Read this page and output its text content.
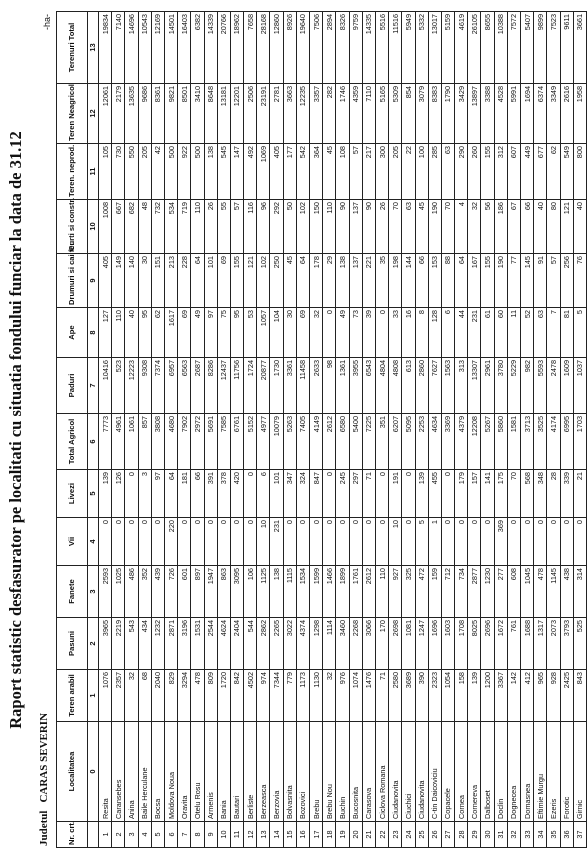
Raport statistic desfasurator pe localitati cu situatia fondului funciar la data de 31.12
JudetulCARAS SEVERIN
-ha-
Nr. crt.	Localitatea	Teren arabil	Pasuni	Fanete	Vii	Livezi	Total Agricol	Paduri	Ape	Drumuri si cai fer.	Curti si constr.	Teren. neprod.	Teren Neagricol	Terenuri Total
	0	1	2	3	4	5	6	7	8	9	10	11	12	13
1	Resita	1076	3965	2593	0	139	7773	10416	127	405	1008	105	12061	19834
2	Caransebes	2357	2219	1025	0	126	4961	523	110	149	667	730	2179	7140
3	Anina	32	543	486	0	0	1061	12223	40	140	682	550	13635	14696
4	Baile Herculane	68	434	352	0	3	857	9308	95	30	48	205	9686	10543
5	Bocsa	2040	1232	439	0	97	3808	7374	62	151	732	42	8361	12169
6	Moldova Noua	829	2871	726	220	64	4680	6957	1617	213	534	500	9821	14501
7	Oravita	3294	3196	601	0	181	7902	6563	69	228	719	922	8501	16403
8	Otelu Rosu	478	1531	897	0	66	2972	2687	49	64	110	500	3410	6382
9	Armenis	809	2544	1947	0	391	5691	8286	97	101	26	138	8648	14339
10	Bania	1720	4624	863	0	378	7585	12437	75	69	55	545	13181	20766
11	Bautari	842	2404	3095	0	420	6761	11756	95	155	57	147	12201	18962
12	Berliste	4502	544	106	0	0	5152	1724	53	121	116	492	2506	7658
13	Berzeasca	974	2862	1125	10	6	4977	20877	1057	102	96	1069	23191	28168
14	Berzovia	7344	2265	138	231	101	10079	1730	104	250	292	405	2781	12860
15	Bolvasnita	779	3022	1115	0	347	5263	3361	30	45	50	177	3663	8926
16	Bozovici	1173	4374	1534	0	324	7405	11458	69	64	102	542	12235	19640
17	Brebu	1130	1298	1599	0	847	4149	2633	32	178	150	364	3357	7506
18	Brebu Nou	32	1114	1466	0	0	2612	98	0	29	110	45	282	2894
19	Buchin	976	3460	1899	0	245	6580	1361	49	138	90	108	1746	8326
20	Bucosnita	1074	2268	1761	0	297	5400	3955	73	137	137	57	4359	9759
21	Carasova	1476	3066	2612	0	71	7225	6543	39	221	90	217	7110	14335
22	Ciclova Romana	71	170	110	0	0	351	4804	0	35	26	300	5165	5516
23	Ciudanovita	2580	2698	927	10	191	6207	4808	33	198	70	205	5309	11516
24	Ciuchici	3689	1081	325	0	0	5095	613	16	144	63	22	854	5949
25	Ciudanovita	390	1247	472	5	139	2253	2860	8	66	45	100	3079	5332
26	C-tin Daicoviciu	2323	1696	159	1	455	4634	7627	128	153	190	285	8383	13017
27	Copacele	1054	1603	712	0	0	3369	1563	6	88	70	63	1790	5159
28	Cornea	158	1708	734	0	179	4379	313	44	64	4	290	3429	4619
29	Cornereva	139	8025	2877	0	157	12208	13307	231	167	32	260	13897	26105
30	Dalboset	1200	2696	1230	0	141	5267	2961	61	155	56	155	3388	8655
31	Doclin	3367	1672	277	369	175	5860	3780	60	190	186	312	4528	10388
32	Dognecea	142	761	608	0	70	1581	5229	11	77	67	607	5991	7572
33	Domasnea	412	1688	1045	0	568	3713	982	52	145	66	449	1694	5407
34	Eftimie Murgu	965	1317	478	0	348	3525	5593	63	91	40	677	6374	9899
35	Ezeris	928	2073	1145	0	28	4174	2478	7	57	80	62	3349	7523
36	Forotic	2425	3793	438	0	339	6995	1609	81	256	121	549	2616	9611
37	Girnic	843	525	314	0	21	1703	1037	5	76	40	800	1958	3661
